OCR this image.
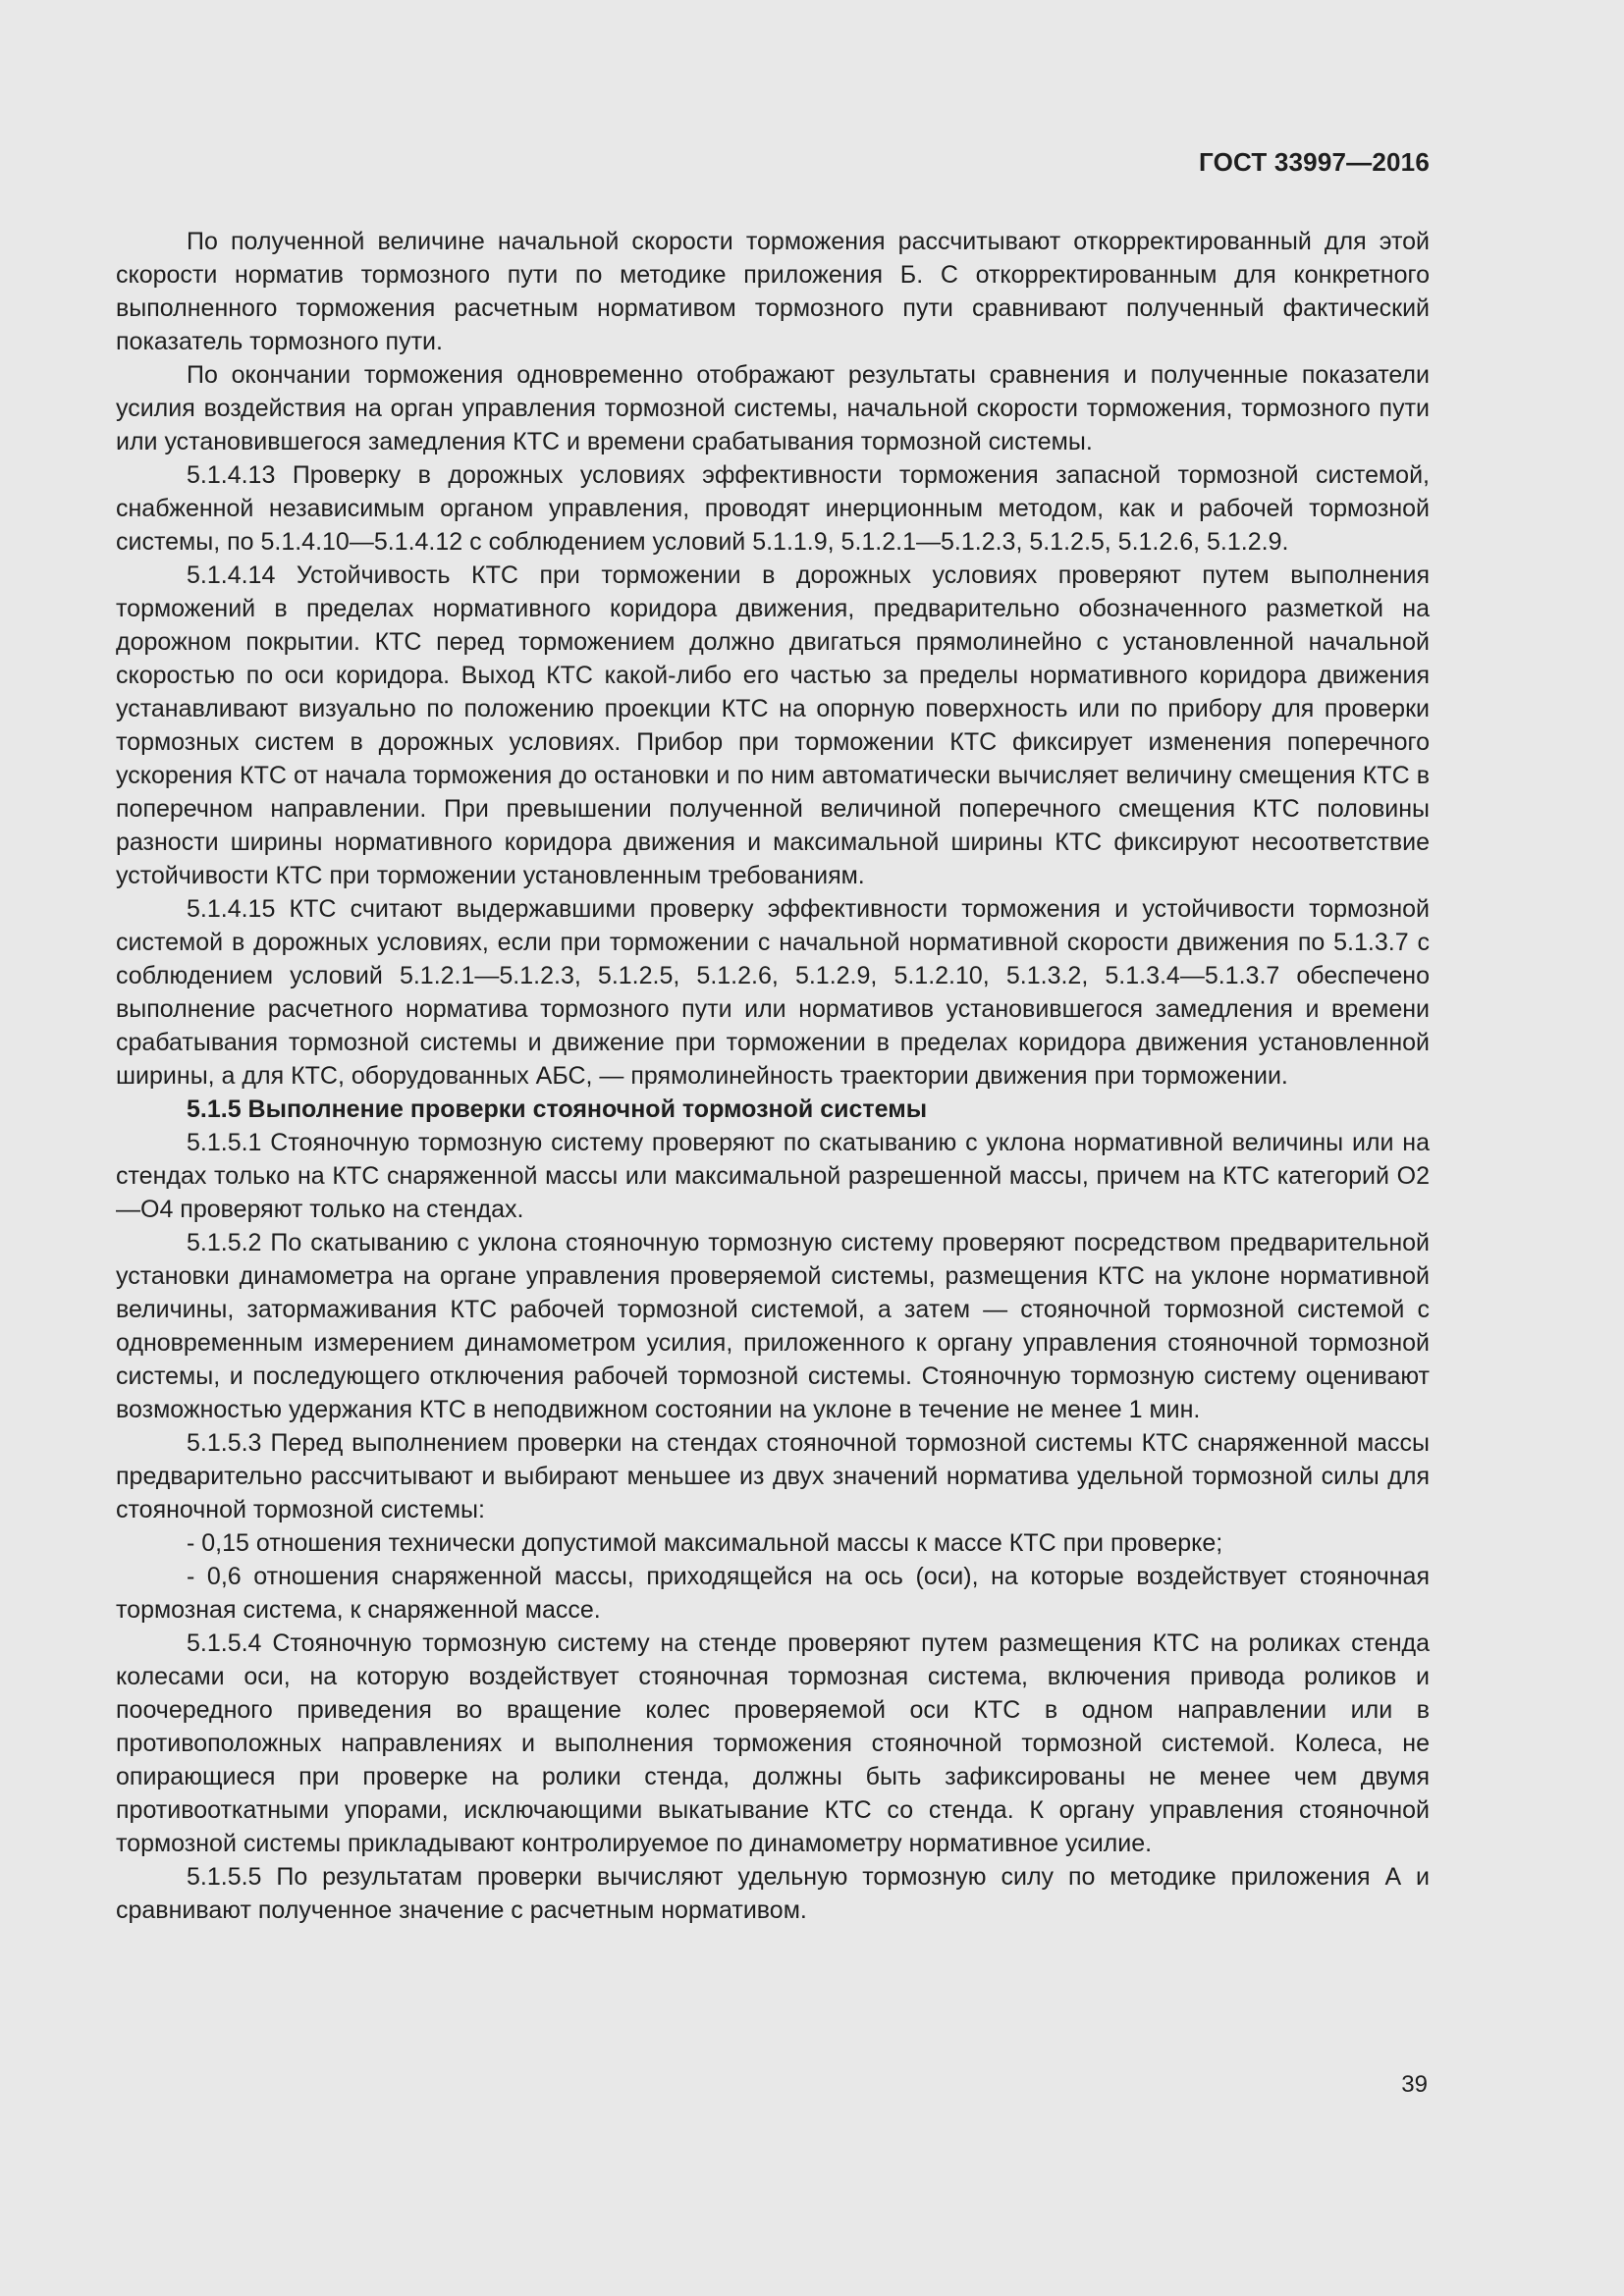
ГОСТ 33997—2016

По полученной величине начальной скорости торможения рассчитывают откорректированный для этой скорости норматив тормозного пути по методике приложения Б. С откорректированным для конкретного выполненного торможения расчетным нормативом тормозного пути сравнивают полученный фактический показатель тормозного пути.

По окончании торможения одновременно отображают результаты сравнения и полученные показатели усилия воздействия на орган управления тормозной системы, начальной скорости торможения, тормозного пути или установившегося замедления КТС и времени срабатывания тормозной системы.

5.1.4.13 Проверку в дорожных условиях эффективности торможения запасной тормозной системой, снабженной независимым органом управления, проводят инерционным методом, как и рабочей тормозной системы, по 5.1.4.10—5.1.4.12 с соблюдением условий 5.1.1.9, 5.1.2.1—5.1.2.3, 5.1.2.5, 5.1.2.6, 5.1.2.9.

5.1.4.14 Устойчивость КТС при торможении в дорожных условиях проверяют путем выполнения торможений в пределах нормативного коридора движения, предварительно обозначенного разметкой на дорожном покрытии. КТС перед торможением должно двигаться прямолинейно с установленной начальной скоростью по оси коридора. Выход КТС какой-либо его частью за пределы нормативного коридора движения устанавливают визуально по положению проекции КТС на опорную поверхность или по прибору для проверки тормозных систем в дорожных условиях. Прибор при торможении КТС фиксирует изменения поперечного ускорения КТС от начала торможения до остановки и по ним автоматически вычисляет величину смещения КТС в поперечном направлении. При превышении полученной величиной поперечного смещения КТС половины разности ширины нормативного коридора движения и максимальной ширины КТС фиксируют несоответствие устойчивости КТС при торможении установленным требованиям.

5.1.4.15 КТС считают выдержавшими проверку эффективности торможения и устойчивости тормозной системой в дорожных условиях, если при торможении с начальной нормативной скорости движения по 5.1.3.7 с соблюдением условий 5.1.2.1—5.1.2.3, 5.1.2.5, 5.1.2.6, 5.1.2.9, 5.1.2.10, 5.1.3.2, 5.1.3.4—5.1.3.7 обеспечено выполнение расчетного норматива тормозного пути или нормативов установившегося замедления и времени срабатывания тормозной системы и движение при торможении в пределах коридора движения установленной ширины, а для КТС, оборудованных АБС, — прямолинейность траектории движения при торможении.

5.1.5 Выполнение проверки стояночной тормозной системы

5.1.5.1 Стояночную тормозную систему проверяют по скатыванию с уклона нормативной величины или на стендах только на КТС снаряженной массы или максимальной разрешенной массы, причем на КТС категорий О2—О4 проверяют только на стендах.

5.1.5.2 По скатыванию с уклона стояночную тормозную систему проверяют посредством предварительной установки динамометра на органе управления проверяемой системы, размещения КТС на уклоне нормативной величины, затормаживания КТС рабочей тормозной системой, а затем — стояночной тормозной системой с одновременным измерением динамометром усилия, приложенного к органу управления стояночной тормозной системы, и последующего отключения рабочей тормозной системы. Стояночную тормозную систему оценивают возможностью удержания КТС в неподвижном состоянии на уклоне в течение не менее 1 мин.

5.1.5.3 Перед выполнением проверки на стендах стояночной тормозной системы КТС снаряженной массы предварительно рассчитывают и выбирают меньшее из двух значений норматива удельной тормозной силы для стояночной тормозной системы:

- 0,15 отношения технически допустимой максимальной массы к массе КТС при проверке;

- 0,6 отношения снаряженной массы, приходящейся на ось (оси), на которые воздействует стояночная тормозная система, к снаряженной массе.

5.1.5.4 Стояночную тормозную систему на стенде проверяют путем размещения КТС на роликах стенда колесами оси, на которую воздействует стояночная тормозная система, включения привода роликов и поочередного приведения во вращение колес проверяемой оси КТС в одном направлении или в противоположных направлениях и выполнения торможения стояночной тормозной системой. Колеса, не опирающиеся при проверке на ролики стенда, должны быть зафиксированы не менее чем двумя противооткатными упорами, исключающими выкатывание КТС со стенда. К органу управления стояночной тормозной системы прикладывают контролируемое по динамометру нормативное усилие.

5.1.5.5 По результатам проверки вычисляют удельную тормозную силу по методике приложения А и сравнивают полученное значение с расчетным нормативом.

39
